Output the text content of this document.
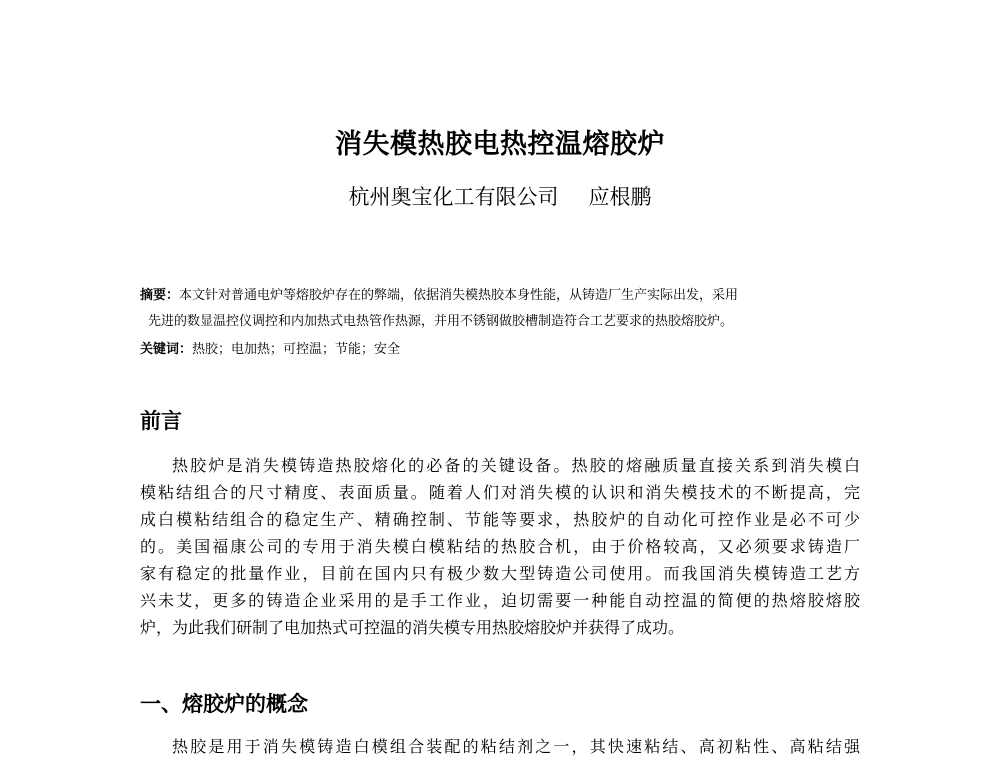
消失模热胶电热控温熔胶炉
杭州奥宝化工有限公司 应根鹏
摘要：本文针对普通电炉等熔胶炉存在的弊端，依据消失模热胶本身性能，从铸造厂生产实际出发，采用
先进的数显温控仪调控和内加热式电热管作热源，并用不锈钢做胶槽制造符合工艺要求的热胶熔胶炉。
关键词：热胶；电加热；可控温；节能；安全
前言
热胶炉是消失模铸造热胶熔化的必备的关键设备。热胶的熔融质量直接关系到消失模白
模粘结组合的尺寸精度、表面质量。随着人们对消失模的认识和消失模技术的不断提高，完
成白模粘结组合的稳定生产、精确控制、节能等要求，热胶炉的自动化可控作业是必不可少
的。美国福康公司的专用于消失模白模粘结的热胶合机，由于价格较高，又必须要求铸造厂
家有稳定的批量作业，目前在国内只有极少数大型铸造公司使用。而我国消失模铸造工艺方
兴未艾，更多的铸造企业采用的是手工作业，迫切需要一种能自动控温的简便的热熔胶熔胶
炉，为此我们研制了电加热式可控温的消失模专用热胶熔胶炉并获得了成功。
一、熔胶炉的概念
热胶是用于消失模铸造白模组合装配的粘结剂之一，其快速粘结、高初粘性、高粘结强
